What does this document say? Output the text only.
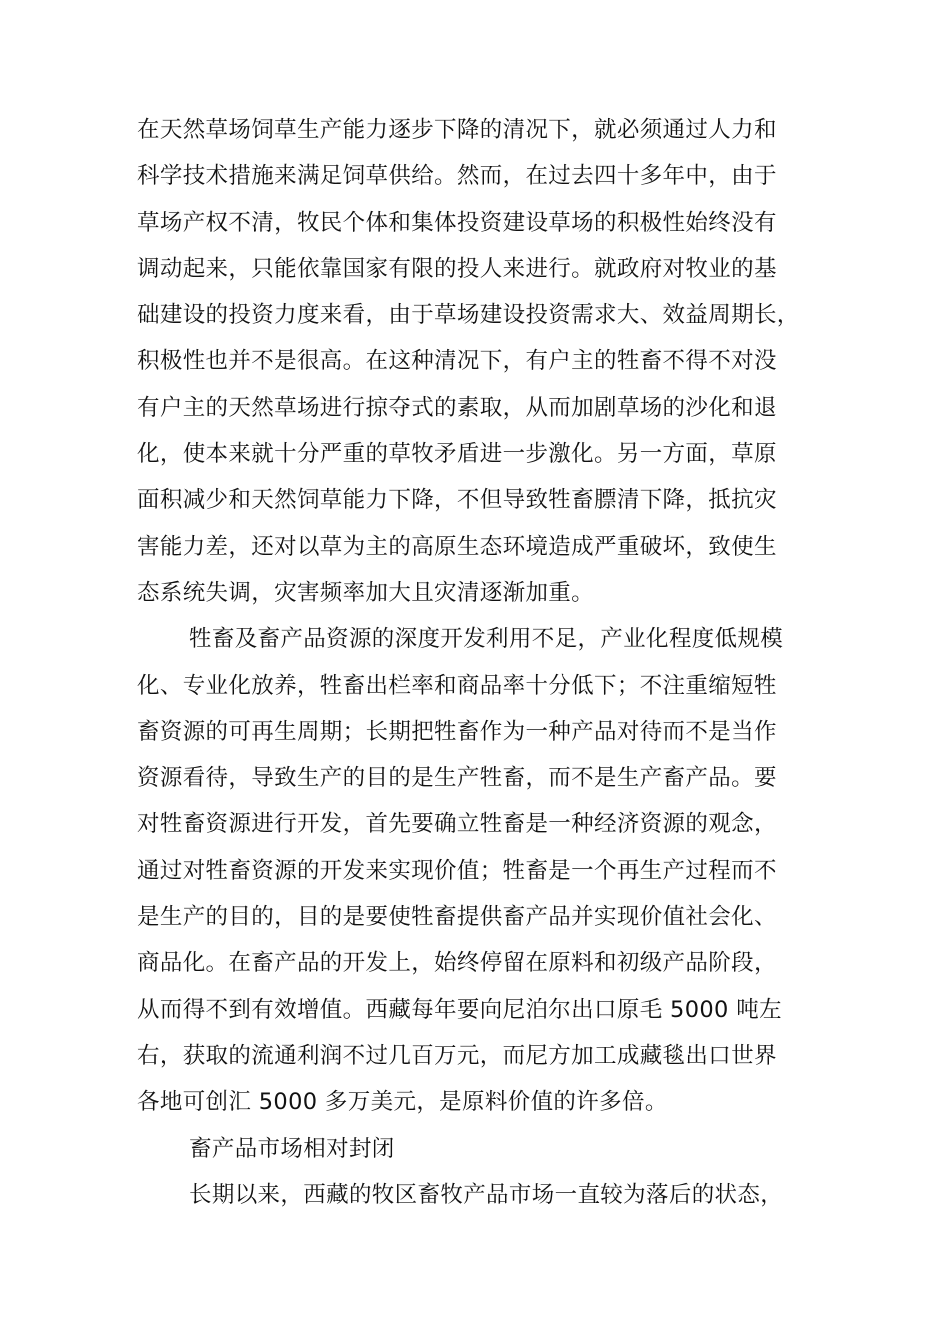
在天然草场饲草生产能力逐步下降的清况下，就必须通过人力和
科学技术措施来满足饲草供给。然而，在过去四十多年中，由于
草场产权不清，牧民个体和集体投资建设草场的积极性始终没有
调动起来，只能依靠国家有限的投人来进行。就政府对牧业的基
础建设的投资力度来看，由于草场建设投资需求大、效益周期长，
积极性也并不是很高。在这种清况下，有户主的牲畜不得不对没
有户主的天然草场进行掠夺式的素取，从而加剧草场的沙化和退
化，使本来就十分严重的草牧矛盾进一步激化。另一方面，草原
面积减少和天然饲草能力下降，不但导致牲畜膘清下降，抵抗灾
害能力差，还对以草为主的高原生态环境造成严重破坏，致使生
态系统失调，灾害频率加大且灾清逐渐加重。
牲畜及畜产品资源的深度开发利用不足，产业化程度低规模
化、专业化放养，牲畜出栏率和商品率十分低下；不注重缩短牲
畜资源的可再生周期；长期把牲畜作为一种产品对待而不是当作
资源看待，导致生产的目的是生产牲畜，而不是生产畜产品。要
对牲畜资源进行开发，首先要确立牲畜是一种经济资源的观念，
通过对牲畜资源的开发来实现价值；牲畜是一个再生产过程而不
是生产的目的，目的是要使牲畜提供畜产品并实现价值社会化、
商品化。在畜产品的开发上，始终停留在原料和初级产品阶段，
从而得不到有效增值。西藏每年要向尼泊尔出口原毛 5000 吨左
右，获取的流通利润不过几百万元，而尼方加工成藏毯出口世界
各地可创汇 5000 多万美元，是原料价值的许多倍。
畜产品市场相对封闭
长期以来，西藏的牧区畜牧产品市场一直较为落后的状态，
